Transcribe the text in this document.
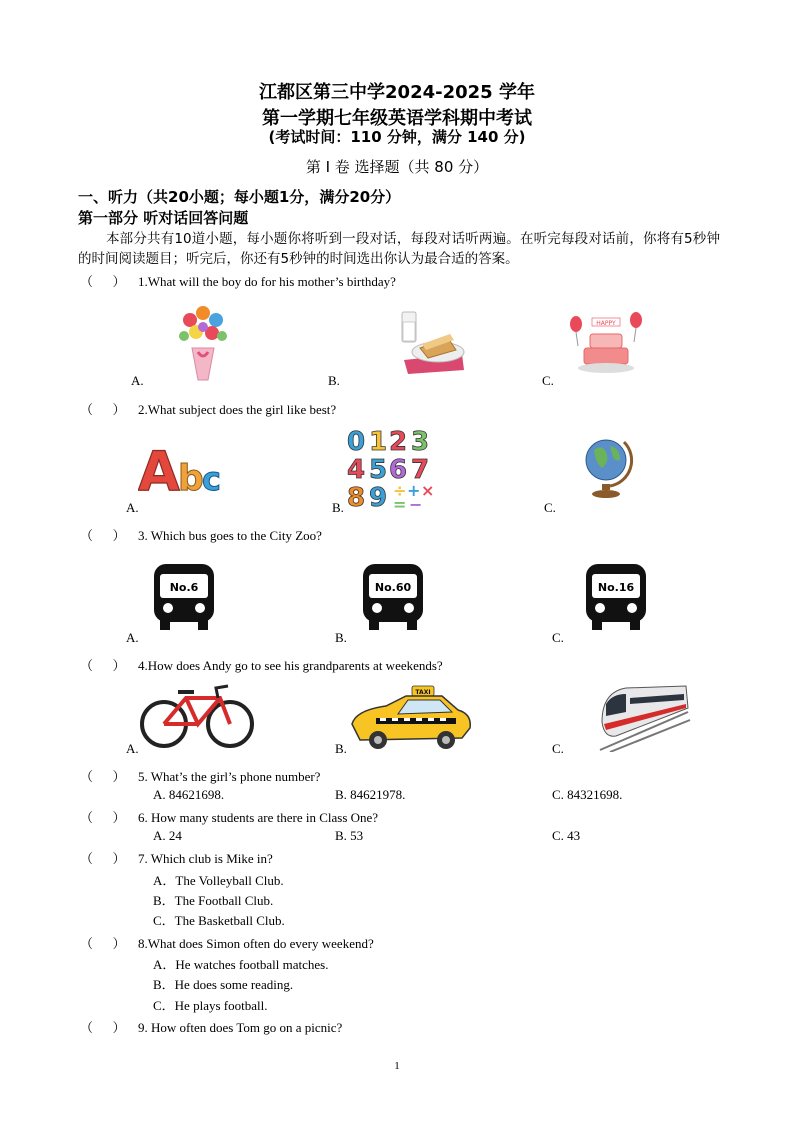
江都区第三中学2024-2025 学年
第一学期七年级英语学科期中考试
(考试时间：110 分钟，满分 140 分)
第 I 卷 选择题（共 80 分）
一、听力（共20小题；每小题1分，满分20分）
第一部分 听对话回答问题
本部分共有10道小题，每小题你将听到一段对话，每段对话听两遍。在听完每段对话前，你将有5秒钟的时间阅读题目；听完后，你还有5秒钟的时间选出你认为最合适的答案。
（      ） 1.What will the boy do for his mother’s birthday?
HAPPY
A.	B.	C.
（      ） 2.What subject does the girl like best?
A
b
c
0 1 2 3
4 5 6 7
8 9 ÷ + ×
= −
A.	B.	C.
（      ） 3. Which bus goes to the City Zoo?
No.6	No.60	No.16
A.	B.	C.
（      ） 4.How does Andy go to see his grandparents at weekends?
TAXI
A.	B.	C.
（      ） 5. What’s the girl’s phone number?
A. 84621698.	B. 84621978.	C. 84321698.
（      ） 6. How many students are there in Class One?
A. 24	B. 53	C. 43
（      ） 7. Which club is Mike in?
A．The Volleyball Club.
B．The Football Club.
C．The Basketball Club.
（      ） 8.What does Simon often do every weekend?
A．He watches football matches.
B．He does some reading.
C．He plays football.
（      ） 9. How often does Tom go on a picnic?
1
